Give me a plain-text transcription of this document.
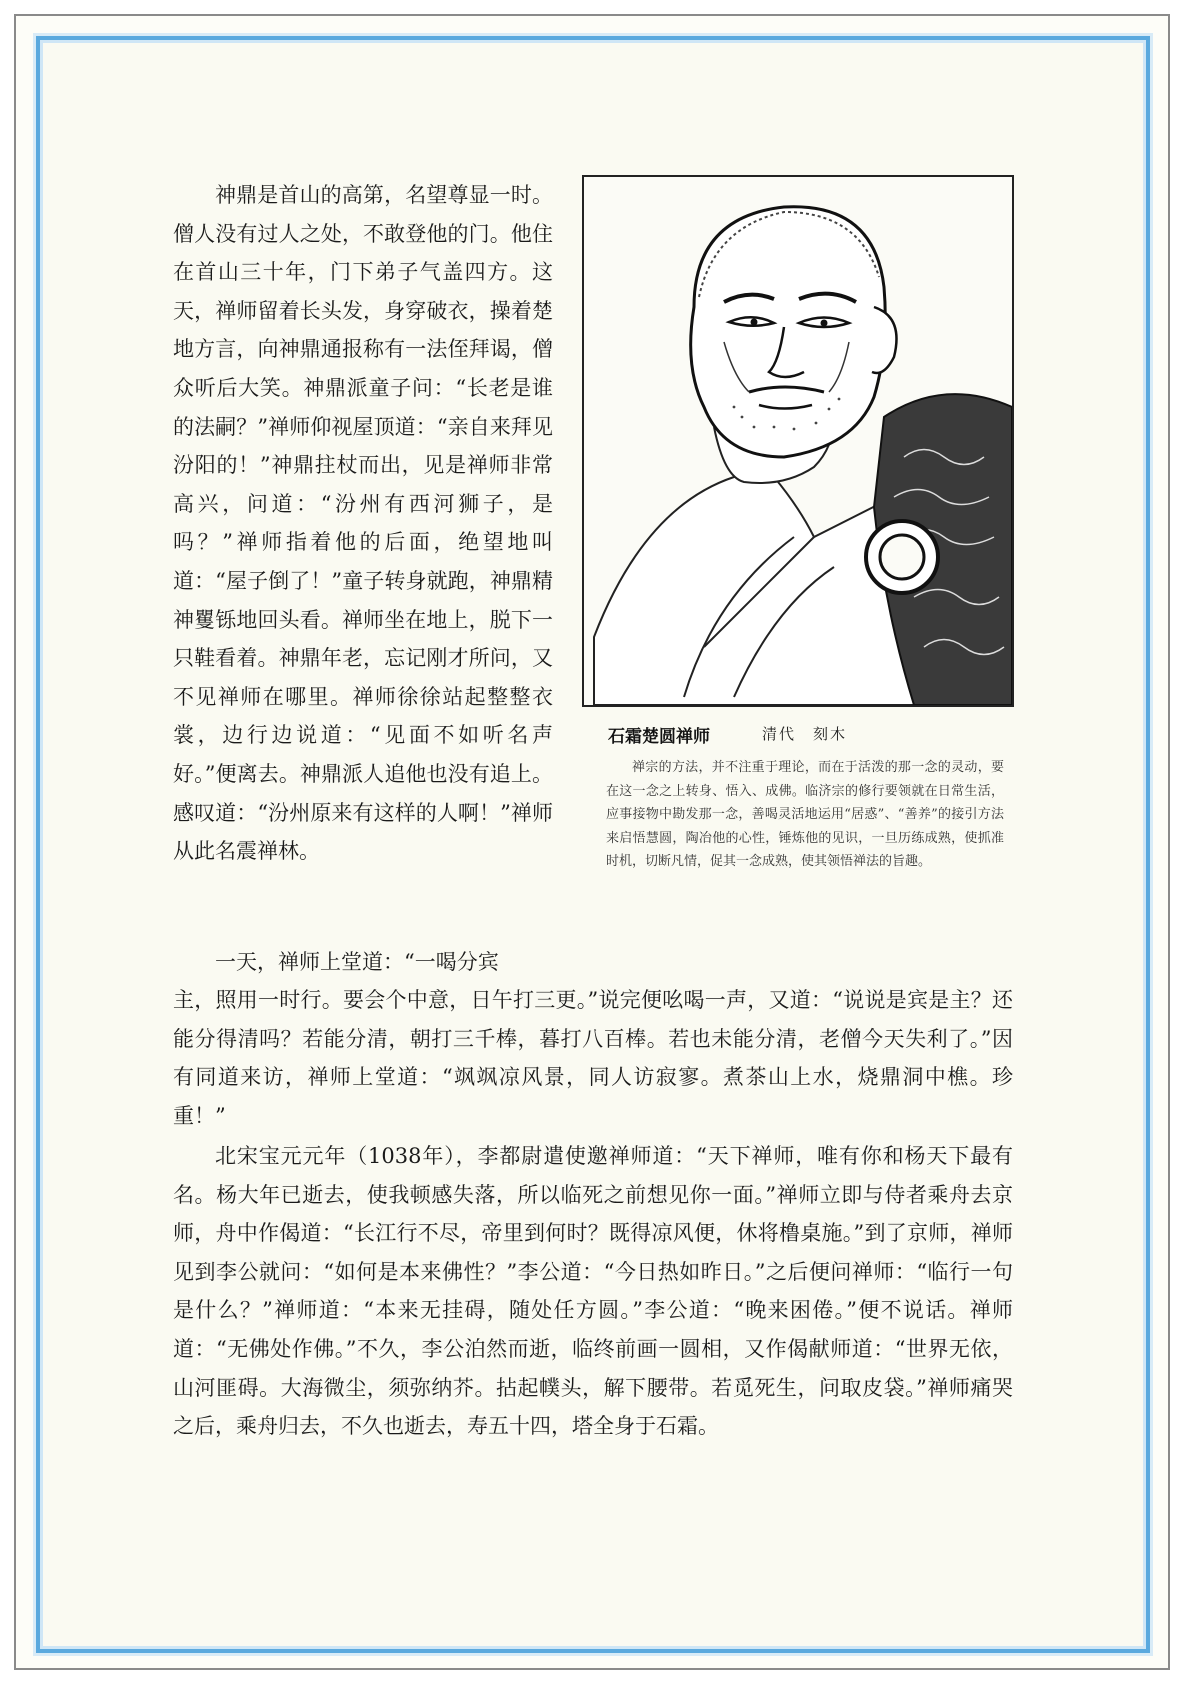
神鼎是首山的高第，名望尊显一时。僧人没有过人之处，不敢登他的门。他住在首山三十年，门下弟子气盖四方。这天，禅师留着长头发，身穿破衣，操着楚地方言，向神鼎通报称有一法侄拜谒，僧众听后大笑。神鼎派童子问：“长老是谁的法嗣？”禅师仰视屋顶道：“亲自来拜见汾阳的！”神鼎拄杖而出，见是禅师非常高兴，问道：“汾州有西河狮子，是吗？”禅师指着他的后面，绝望地叫道：“屋子倒了！”童子转身就跑，神鼎精神矍铄地回头看。禅师坐在地上，脱下一只鞋看着。神鼎年老，忘记刚才所问，又不见禅师在哪里。禅师徐徐站起整整衣裳，边行边说道：“见面不如听名声好。”便离去。神鼎派人追他也没有追上。感叹道：“汾州原来有这样的人啊！”禅师从此名震禅林。

一天，禅师上堂道：“一喝分宾

主，照用一时行。要会个中意，日午打三更。”说完便吆喝一声，又道：“说说是宾是主？还能分得清吗？若能分清，朝打三千棒，暮打八百棒。若也未能分清，老僧今天失利了。”因有同道来访，禅师上堂道：“飒飒凉风景，同人访寂寥。煮茶山上水，烧鼎洞中樵。珍重！”

北宋宝元元年（1038年），李都尉遣使邀禅师道：“天下禅师，唯有你和杨天下最有名。杨大年已逝去，使我顿感失落，所以临死之前想见你一面。”禅师立即与侍者乘舟去京师，舟中作偈道：“长江行不尽，帝里到何时？既得凉风便，休将橹桌施。”到了京师，禅师见到李公就问：“如何是本来佛性？”李公道：“今日热如昨日。”之后便问禅师：“临行一句是什么？”禅师道：“本来无挂碍，随处任方圆。”李公道：“晚来困倦。”便不说话。禅师道：“无佛处作佛。”不久，李公泊然而逝，临终前画一圆相，又作偈献师道：“世界无依，山河匪碍。大海微尘，须弥纳芥。拈起幞头，解下腰带。若觅死生，问取皮袋。”禅师痛哭之后，乘舟归去，不久也逝去，寿五十四，塔全身于石霜。

石霜楚圆禅师	清代　刻木

禅宗的方法，并不注重于理论，而在于活泼的那一念的灵动，要在这一念之上转身、悟入、成佛。临济宗的修行要领就在日常生活，应事接物中勘发那一念，善喝灵活地运用“居惑”、“善养”的接引方法来启悟慧圆，陶冶他的心性，锤炼他的见识，一旦历练成熟，使抓准时机，切断凡情，促其一念成熟，使其领悟禅法的旨趣。
